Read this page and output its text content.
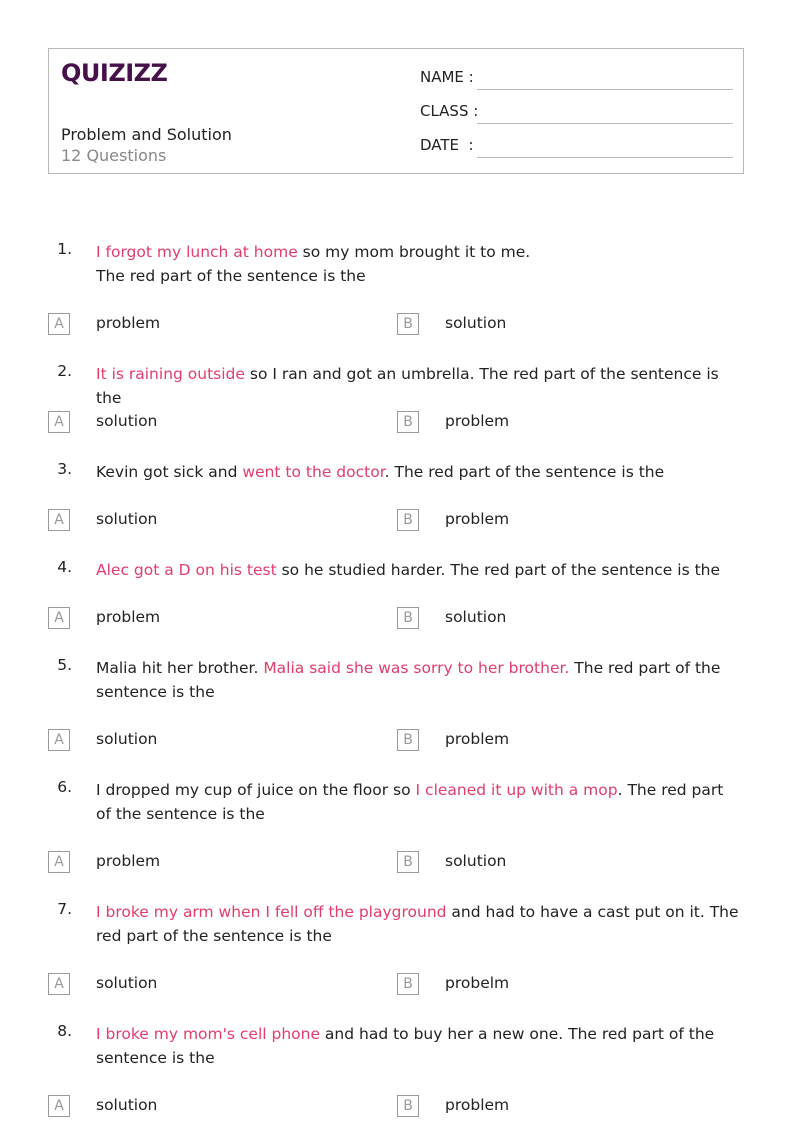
QUIZIZZ
Problem and Solution
12 Questions
NAME :
CLASS :
DATE  :
1. I forgot my lunch at home so my mom brought it to me.
The red part of the sentence is the
A	problem	B	solution
2. It is raining outside so I ran and got an umbrella. The red part of the sentence is the
A	solution	B	problem
3. Kevin got sick and went to the doctor. The red part of the sentence is the
A	solution	B	problem
4. Alec got a D on his test so he studied harder. The red part of the sentence is the
A	problem	B	solution
5. Malia hit her brother. Malia said she was sorry to her brother. The red part of the sentence is the
A	solution	B	problem
6. I dropped my cup of juice on the floor so I cleaned it up with a mop. The red part of the sentence is the
A	problem	B	solution
7. I broke my arm when I fell off the playground and had to have a cast put on it. The red part of the sentence is the
A	solution	B	probelm
8. I broke my mom's cell phone and had to buy her a new one. The red part of the sentence is the
A	solution	B	problem
